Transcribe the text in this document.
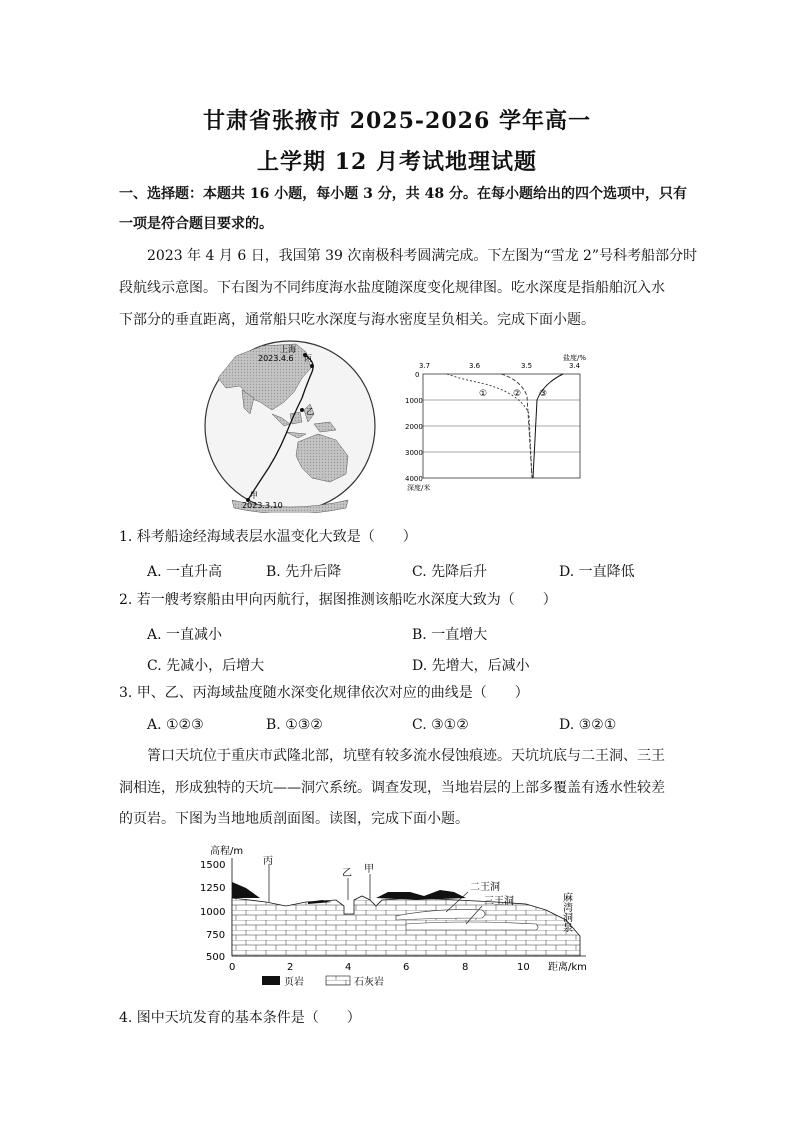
甘肃省张掖市 2025-2026 学年高一
上学期 12 月考试地理试题
一、选择题：本题共 16 小题，每小题 3 分，共 48 分。在每小题给出的四个选项中，只有
一项是符合题目要求的。
2023 年 4 月 6 日，我国第 39 次南极科考圆满完成。下左图为“雪龙 2”号科考船部分时
段航线示意图。下右图为不同纬度海水盐度随深度变化规律图。吃水深度是指船舶沉入水
下部分的垂直距离，通常船只吃水深度与海水密度呈负相关。完成下面小题。
上海
2023.4.6 丙
乙
甲
2023.3.10
3.7	3.6	3.5	3.4
盐度/%
0
1000
2000
3000
4000
深度/米
①	② ③
1. 科考船途经海域表层水温变化大致是（　　）
A. 一直升高	B. 先升后降	C. 先降后升	D. 一直降低
2. 若一艘考察船由甲向丙航行，据图推测该船吃水深度大致为（　　）
A. 一直减小	B. 一直增大
C. 先减小，后增大	D. 先增大，后减小
3. 甲、乙、丙海域盐度随水深变化规律依次对应的曲线是（　　）
A. ①②③	B. ①③②	C. ③①②	D. ③②①
箐口天坑位于重庆市武隆北部，坑壁有较多流水侵蚀痕迹。天坑坑底与二王洞、三王
洞相连，形成独特的天坑——洞穴系统。调查发现，当地岩层的上部多覆盖有透水性较差
的页岩。下图为当地地质剖面图。读图，完成下面小题。
高程/m
1500
1250
1000
750
500
0	2	4	6	8	10 距离/km
丙
乙 甲
二王洞
三王洞	麻湾洞泉
页岩	石灰岩
4. 图中天坑发育的基本条件是（　　）
